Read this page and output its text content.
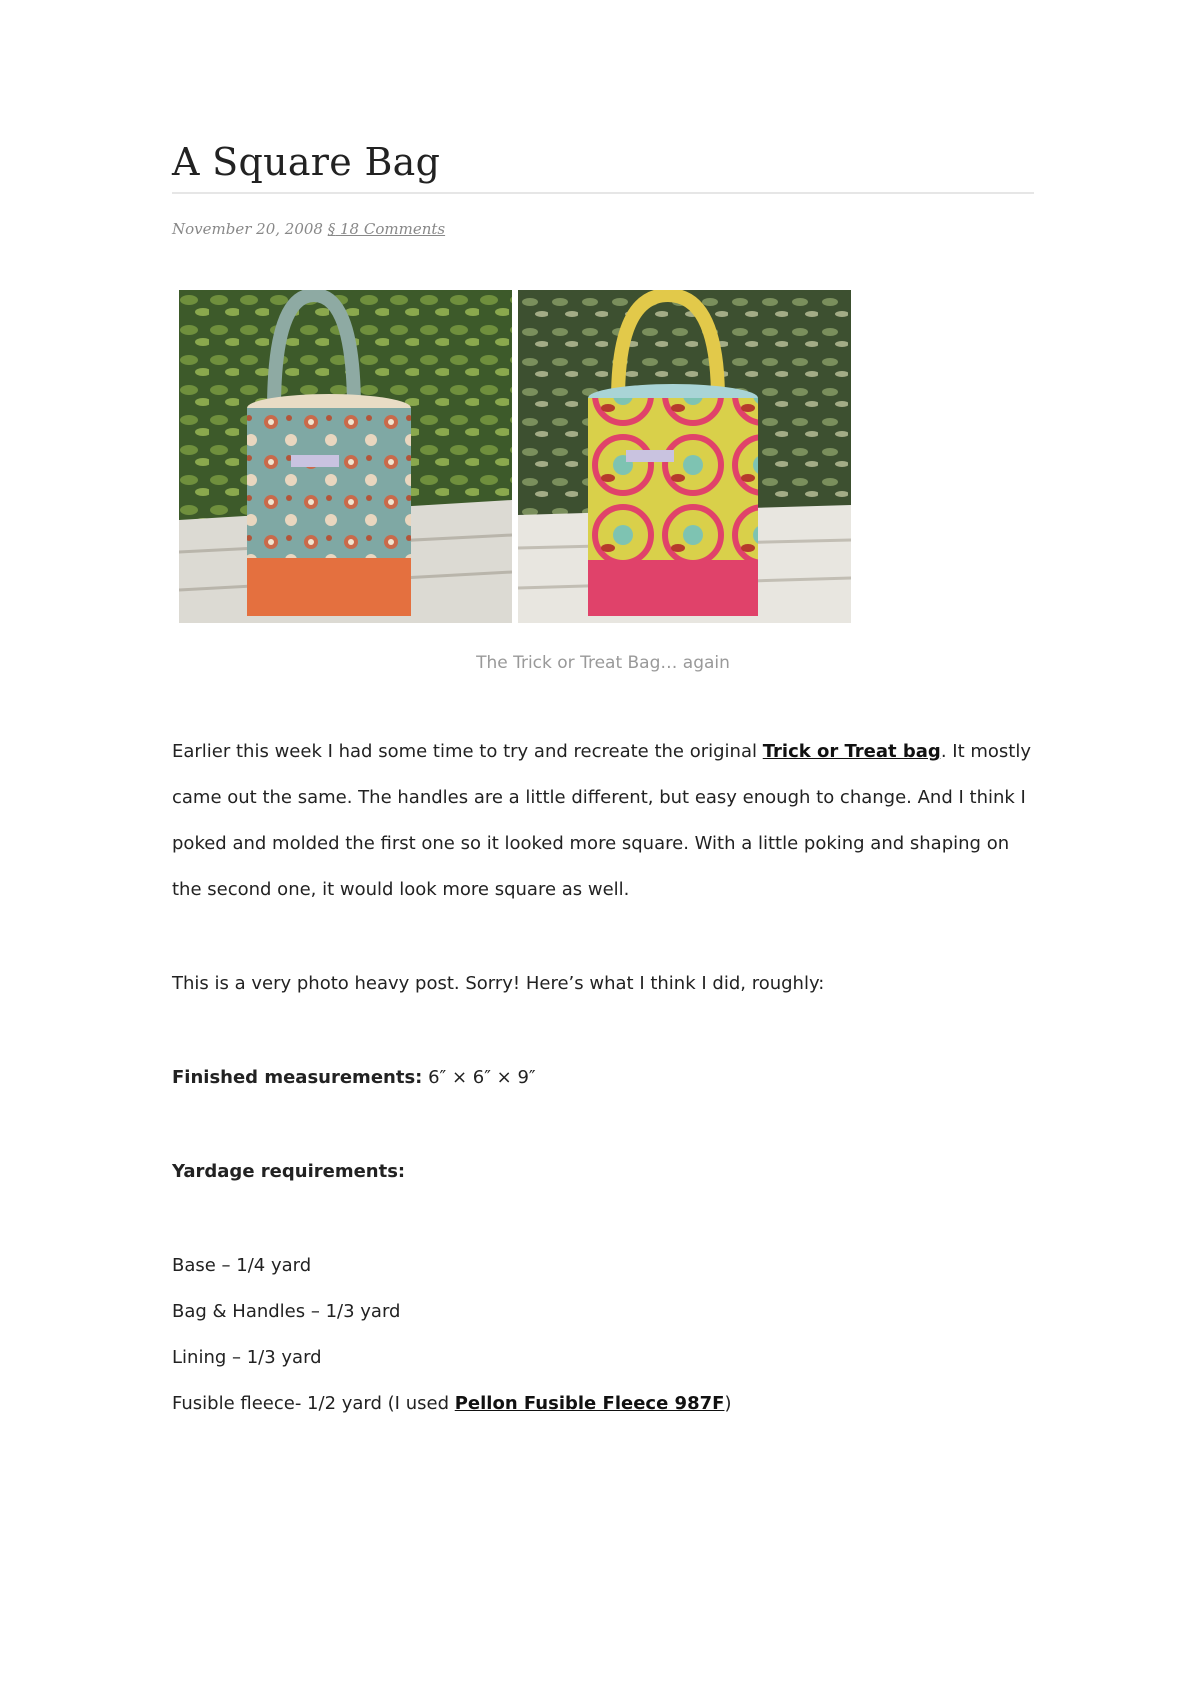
A Square Bag
November 20, 2008 § 18 Comments
The Trick or Treat Bag… again

Earlier this week I had some time to try and recreate the original Trick or Treat bag. It mostly came out the same. The handles are a little different, but easy enough to change. And I think I poked and molded the first one so it looked more square. With a little poking and shaping on the second one, it would look more square as well.

This is a very photo heavy post. Sorry! Here’s what I think I did, roughly:

Finished measurements: 6″ × 6″ × 9″

Yardage requirements:

Base – 1/4 yard
Bag & Handles – 1/3 yard
Lining – 1/3 yard
Fusible fleece- 1/2 yard (I used Pellon Fusible Fleece 987F)
